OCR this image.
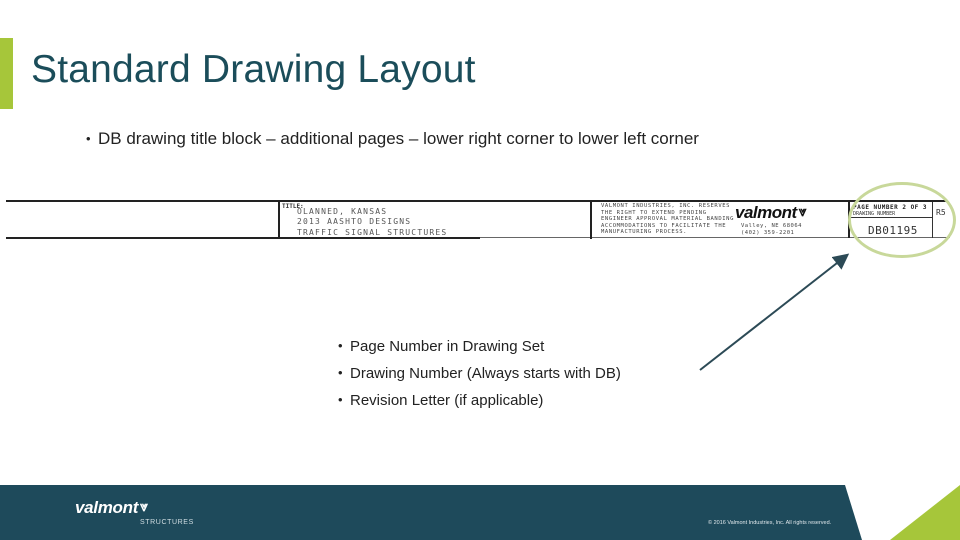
Standard Drawing Layout
• DB drawing title block – additional pages – lower right corner to lower left corner
TITLE:
OLANNED, KANSAS
2013 AASHTO DESIGNS
TRAFFIC SIGNAL STRUCTURES
VALMONT INDUSTRIES, INC. RESERVES
THE RIGHT TO EXTEND PENDING
ENGINEER APPROVAL MATERIAL BANDING
ACCOMMODATIONS TO FACILITATE THE
MANUFACTURING PROCESS.
valmont ⩔
Valley, NE 68064
(402) 359-2201
PAGE NUMBER 2 OF 3
DRAWING NUMBER	R5
DB01195
• Page Number in Drawing Set
• Drawing Number (Always starts with DB)
• Revision Letter (if applicable)
valmont ⩔
STRUCTURES	© 2016 Valmont Industries, Inc. All rights reserved.
